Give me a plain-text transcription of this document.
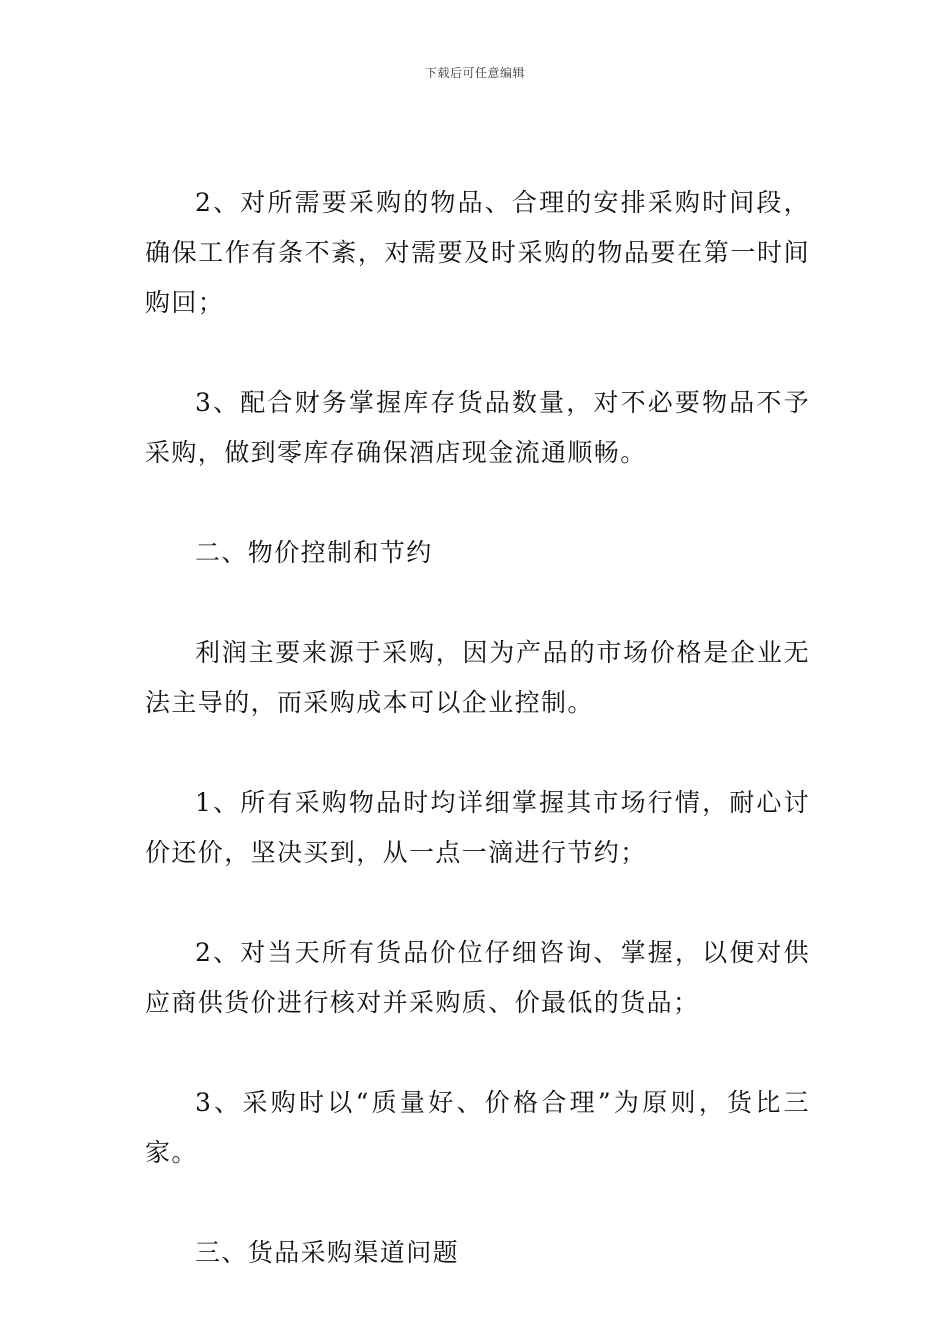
下载后可任意编辑

2、对所需要采购的物品、合理的安排采购时间段，确保工作有条不紊，对需要及时采购的物品要在第一时间购回；

3、配合财务掌握库存货品数量，对不必要物品不予采购，做到零库存确保酒店现金流通顺畅。

二、物价控制和节约

利润主要来源于采购，因为产品的市场价格是企业无法主导的，而采购成本可以企业控制。

1、所有采购物品时均详细掌握其市场行情，耐心讨价还价，坚决买到，从一点一滴进行节约；

2、对当天所有货品价位仔细咨询、掌握，以便对供应商供货价进行核对并采购质、价最低的货品；

3、采购时以“质量好、价格合理”为原则，货比三家。

三、货品采购渠道问题
